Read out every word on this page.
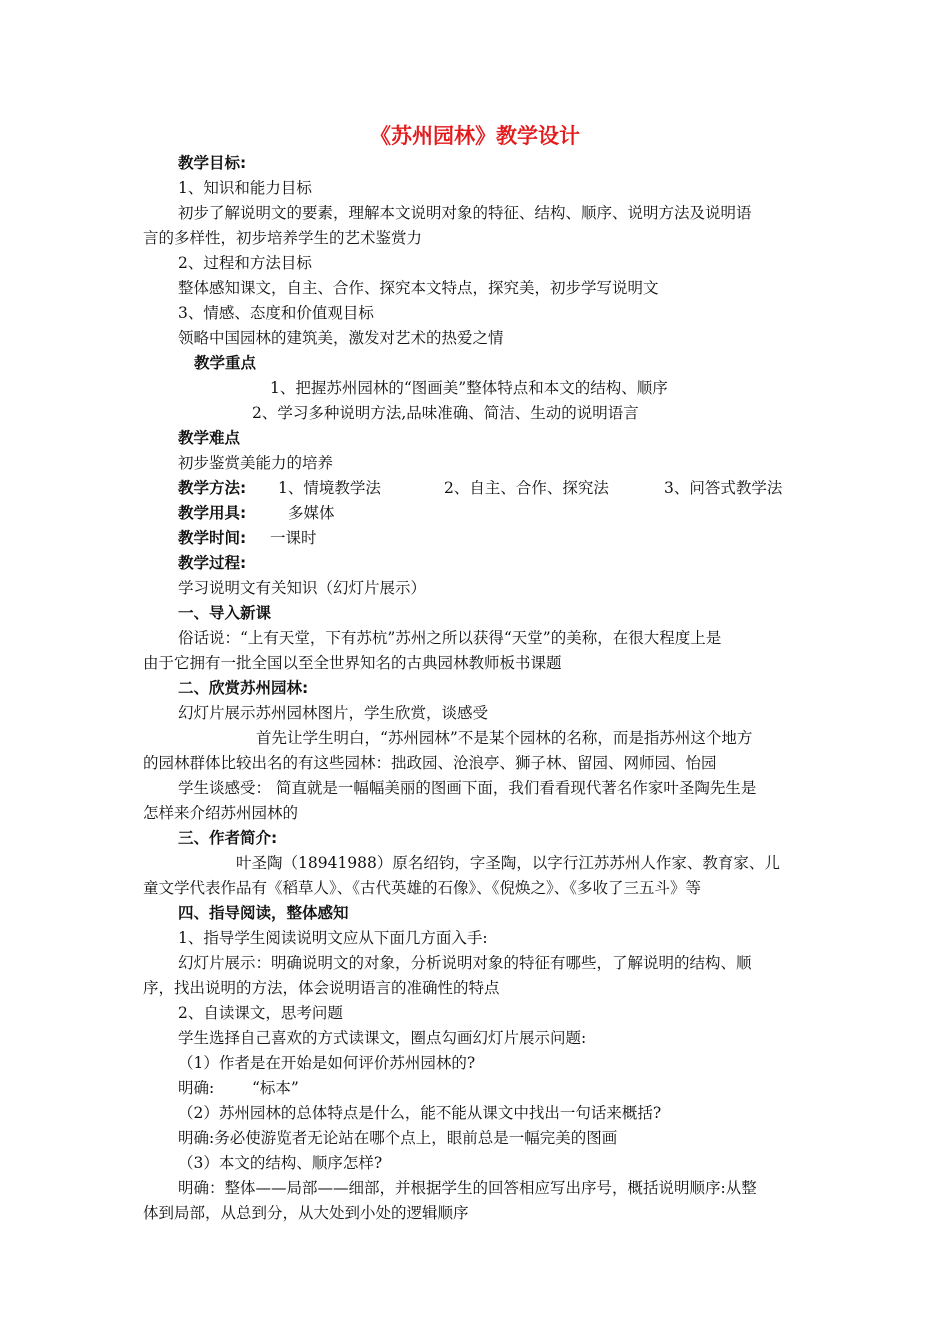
《苏州园林》教学设计
教学目标:
1、知识和能力目标
初步了解说明文的要素，理解本文说明对象的特征、结构、顺序、说明方法及说明语
言的多样性，初步培养学生的艺术鉴赏力
2、过程和方法目标
整体感知课文，自主、合作、探究本文特点，探究美，初步学写说明文
3、情感、态度和价值观目标
领略中国园林的建筑美，激发对艺术的热爱之情
教学重点
1、把握苏州园林的“图画美”整体特点和本文的结构、顺序
2、学习多种说明方法,品味准确、简洁、生动的说明语言
教学难点
初步鉴赏美能力的培养
教学方法: 1、情境教学法	2、自主、合作、探究法	3、问答式教学法
教学用具:	多媒体
教学时间: 一课时
教学过程:
学习说明文有关知识（幻灯片展示）
一、导入新课
俗话说：“上有天堂，下有苏杭”苏州之所以获得“天堂”的美称，在很大程度上是
由于它拥有一批全国以至全世界知名的古典园林教师板书课题
二、欣赏苏州园林:
幻灯片展示苏州园林图片，学生欣赏，谈感受
首先让学生明白，“苏州园林”不是某个园林的名称，而是指苏州这个地方
的园林群体比较出名的有这些园林：拙政园、沧浪亭、狮子林、留园、网师园、怡园
学生谈感受： 简直就是一幅幅美丽的图画下面，我们看看现代著名作家叶圣陶先生是
怎样来介绍苏州园林的
三、作者简介:
叶圣陶（18941988）原名绍钧，字圣陶，以字行江苏苏州人作家、教育家、儿
童文学代表作品有《稻草人》、《古代英雄的石像》、《倪焕之》、《多收了三五斗》等
四、指导阅读，整体感知
1、指导学生阅读说明文应从下面几方面入手:
幻灯片展示：明确说明文的对象，分析说明对象的特征有哪些，了解说明的结构、顺
序，找出说明的方法，体会说明语言的准确性的特点
2、自读课文，思考问题
学生选择自己喜欢的方式读课文，圈点勾画幻灯片展示问题:
（1）作者是在开始是如何评价苏州园林的?
明确: “标本”
（2）苏州园林的总体特点是什么，能不能从课文中找出一句话来概括?
明确:务必使游览者无论站在哪个点上，眼前总是一幅完美的图画
（3）本文的结构、顺序怎样?
明确：整体——局部——细部，并根据学生的回答相应写出序号，概括说明顺序:从整
体到局部，从总到分，从大处到小处的逻辑顺序
